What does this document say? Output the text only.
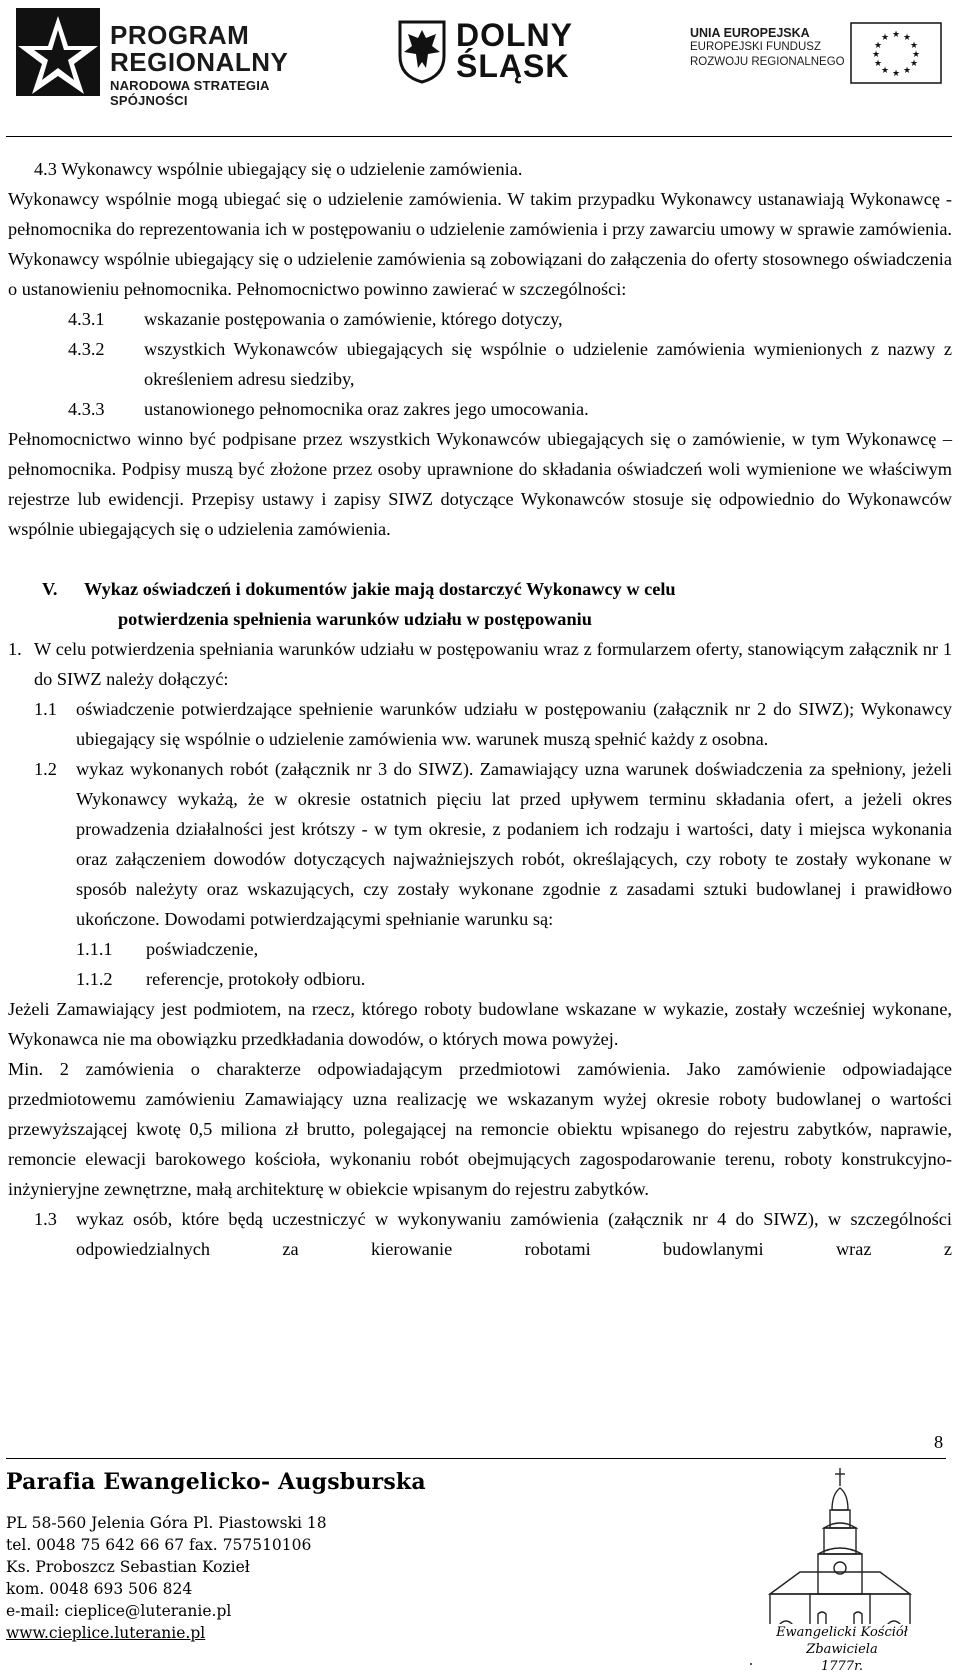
PROGRAM
REGIONALNY
NARODOWA STRATEGIA SPÓJNOŚCI
DOLNY
ŚLĄSK
UNIA EUROPEJSKA
EUROPEJSKI FUNDUSZ
ROZWOJU REGIONALNEGO
★ ★
★
★
★
★
★
★
★
★
★
★

4.3 Wykonawcy wspólnie ubiegający się o udzielenie zamówienia.

Wykonawcy wspólnie mogą ubiegać się o udzielenie zamówienia. W takim przypadku Wykonawcy ustanawiają Wykonawcę - pełnomocnika do reprezentowania ich w postępowaniu o udzielenie zamówienia i przy zawarciu umowy w sprawie zamówienia. Wykonawcy wspólnie ubiegający się o udzielenie zamówienia są zobowiązani do załączenia do oferty stosownego oświadczenia o ustanowieniu pełnomocnika. Pełnomocnictwo powinno zawierać w szczególności:

4.3.1	wskazanie postępowania o zamówienie, którego dotyczy,
4.3.2	wszystkich Wykonawców ubiegających się wspólnie o udzielenie zamówienia wymienionych z nazwy z określeniem adresu siedziby,
4.3.3	ustanowionego pełnomocnika oraz zakres jego umocowania.

Pełnomocnictwo winno być podpisane przez wszystkich Wykonawców ubiegających się o zamówienie, w tym Wykonawcę – pełnomocnika. Podpisy muszą być złożone przez osoby uprawnione do składania oświadczeń woli wymienione we właściwym rejestrze lub ewidencji. Przepisy ustawy i zapisy SIWZ dotyczące Wykonawców stosuje się odpowiednio do Wykonawców wspólnie ubiegających się o udzielenia zamówienia.

V.	Wykaz oświadczeń i dokumentów jakie mają dostarczyć Wykonawcy w celu
potwierdzenia spełnienia warunków udziału w postępowaniu
1. W celu potwierdzenia spełniania warunków udziału w postępowaniu wraz z formularzem oferty, stanowiącym załącznik nr 1 do SIWZ należy dołączyć:
1.1	oświadczenie potwierdzające spełnienie warunków udziału w postępowaniu (załącznik nr 2 do SIWZ); Wykonawcy ubiegający się wspólnie o udzielenie zamówienia ww. warunek muszą spełnić każdy z osobna.
1.2	wykaz wykonanych robót (załącznik nr 3 do SIWZ). Zamawiający uzna warunek doświadczenia za spełniony, jeżeli Wykonawcy wykażą, że w okresie ostatnich pięciu lat przed upływem terminu składania ofert, a jeżeli okres prowadzenia działalności jest krótszy - w tym okresie, z podaniem ich rodzaju i wartości, daty i miejsca wykonania oraz załączeniem dowodów dotyczących najważniejszych robót, określających, czy roboty te zostały wykonane w sposób należyty oraz wskazujących, czy zostały wykonane zgodnie z zasadami sztuki budowlanej i prawidłowo ukończone. Dowodami potwierdzającymi spełnianie warunku są:
1.1.1	poświadczenie,
1.1.2	referencje, protokoły odbioru.

Jeżeli Zamawiający jest podmiotem, na rzecz, którego roboty budowlane wskazane w wykazie, zostały wcześniej wykonane, Wykonawca nie ma obowiązku przedkładania dowodów, o których mowa powyżej.

Min. 2 zamówienia o charakterze odpowiadającym przedmiotowi zamówienia. Jako zamówienie odpowiadające przedmiotowemu zamówieniu Zamawiający uzna realizację we wskazanym wyżej okresie roboty budowlanej o wartości przewyższającej kwotę 0,5 miliona zł brutto, polegającej na remoncie obiektu wpisanego do rejestru zabytków, naprawie, remoncie elewacji barokowego kościoła, wykonaniu robót obejmujących zagospodarowanie terenu, roboty konstrukcyjno-inżynieryjne zewnętrzne, małą architekturę w obiekcie wpisanym do rejestru zabytków.

1.3	wykaz osób, które będą uczestniczyć w wykonywaniu zamówienia (załącznik nr 4 do SIWZ), w szczególności odpowiedzialnych za kierowanie robotami budowlanymi wraz z
8
Parafia Ewangelicko- Augsburska
PL 58-560 Jelenia Góra Pl. Piastowski 18
tel. 0048 75 642 66 67 fax. 757510106
Ks. Proboszcz Sebastian Kozieł
kom. 0048 693 506 824
e-mail: cieplice@luteranie.pl
www.cieplice.luteranie.pl	Ewangelicki Kościół Zbawiciela
1777r.
